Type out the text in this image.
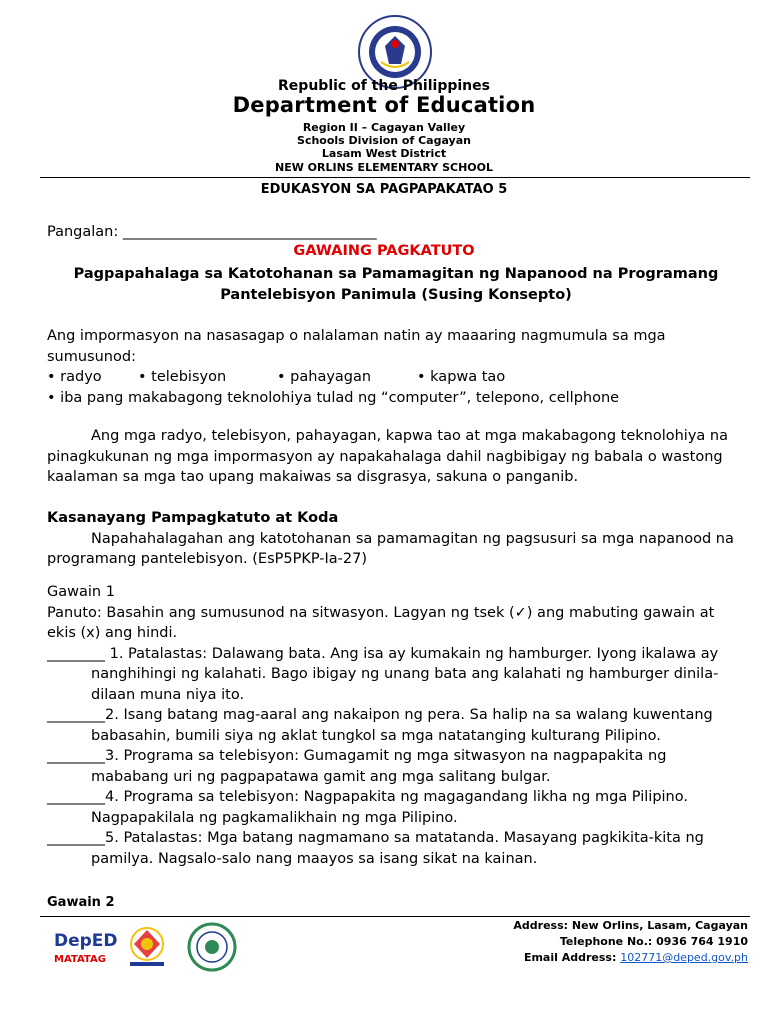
Republic of the Philippines
Department of Education
Region II – Cagayan Valley
Schools Division of Cagayan
Lasam West District
NEW ORLINS ELEMENTARY SCHOOL
EDUKASYON SA PAGPAPAKATAO 5
Pangalan: ___________________________________
GAWAING PAGKATUTO
Pagpapahalaga sa Katotohanan sa Pamamagitan ng Napanood na Programang Pantelebisyon Panimula (Susing Konsepto)
Ang impormasyon na nasasagap o nalalaman natin ay maaaring nagmumula sa mga sumusunod:
• radyo	• telebisyon	• pahayagan	• kapwa tao
• iba pang makabagong teknolohiya tulad ng “computer”, telepono, cellphone
Ang mga radyo, telebisyon, pahayagan, kapwa tao at mga makabagong teknolohiya na pinagkukunan ng mga impormasyon ay napakahalaga dahil nagbibigay ng babala o wastong kaalaman sa mga tao upang makaiwas sa disgrasya, sakuna o panganib.
Kasanayang Pampagkatuto at Koda
Napahahalagahan ang katotohanan sa pamamagitan ng pagsusuri sa mga napanood na programang pantelebisyon. (EsP5PKP-Ia-27)
Gawain 1
Panuto: Basahin ang sumusunod na sitwasyon. Lagyan ng tsek (✓) ang mabuting gawain at ekis (x) ang hindi.
________ 1. Patalastas: Dalawang bata. Ang isa ay kumakain ng hamburger. Iyong ikalawa ay nanghihingi ng kalahati. Bago ibigay ng unang bata ang kalahati ng hamburger dinila-dilaan muna niya ito.
________2. Isang batang mag-aaral ang nakaipon ng pera. Sa halip na sa walang kuwentang babasahin, bumili siya ng aklat tungkol sa mga natatanging kulturang Pilipino.
________3. Programa sa telebisyon: Gumagamit ng mga sitwasyon na nagpapakita ng mababang uri ng pagpapatawa gamit ang mga salitang bulgar.
________4. Programa sa telebisyon: Nagpapakita ng magagandang likha ng mga Pilipino. Nagpapakilala ng pagkamalikhain ng mga Pilipino.
________5. Patalastas: Mga batang nagmamano sa matatanda. Masayang pagkikita-kita ng pamilya. Nagsalo-salo nang maayos sa isang sikat na kainan.
Gawain 2
DepED
MATATAG
Address: New Orlins, Lasam, Cagayan
Telephone No.: 0936 764 1910
Email Address: 102771@deped.gov.ph
